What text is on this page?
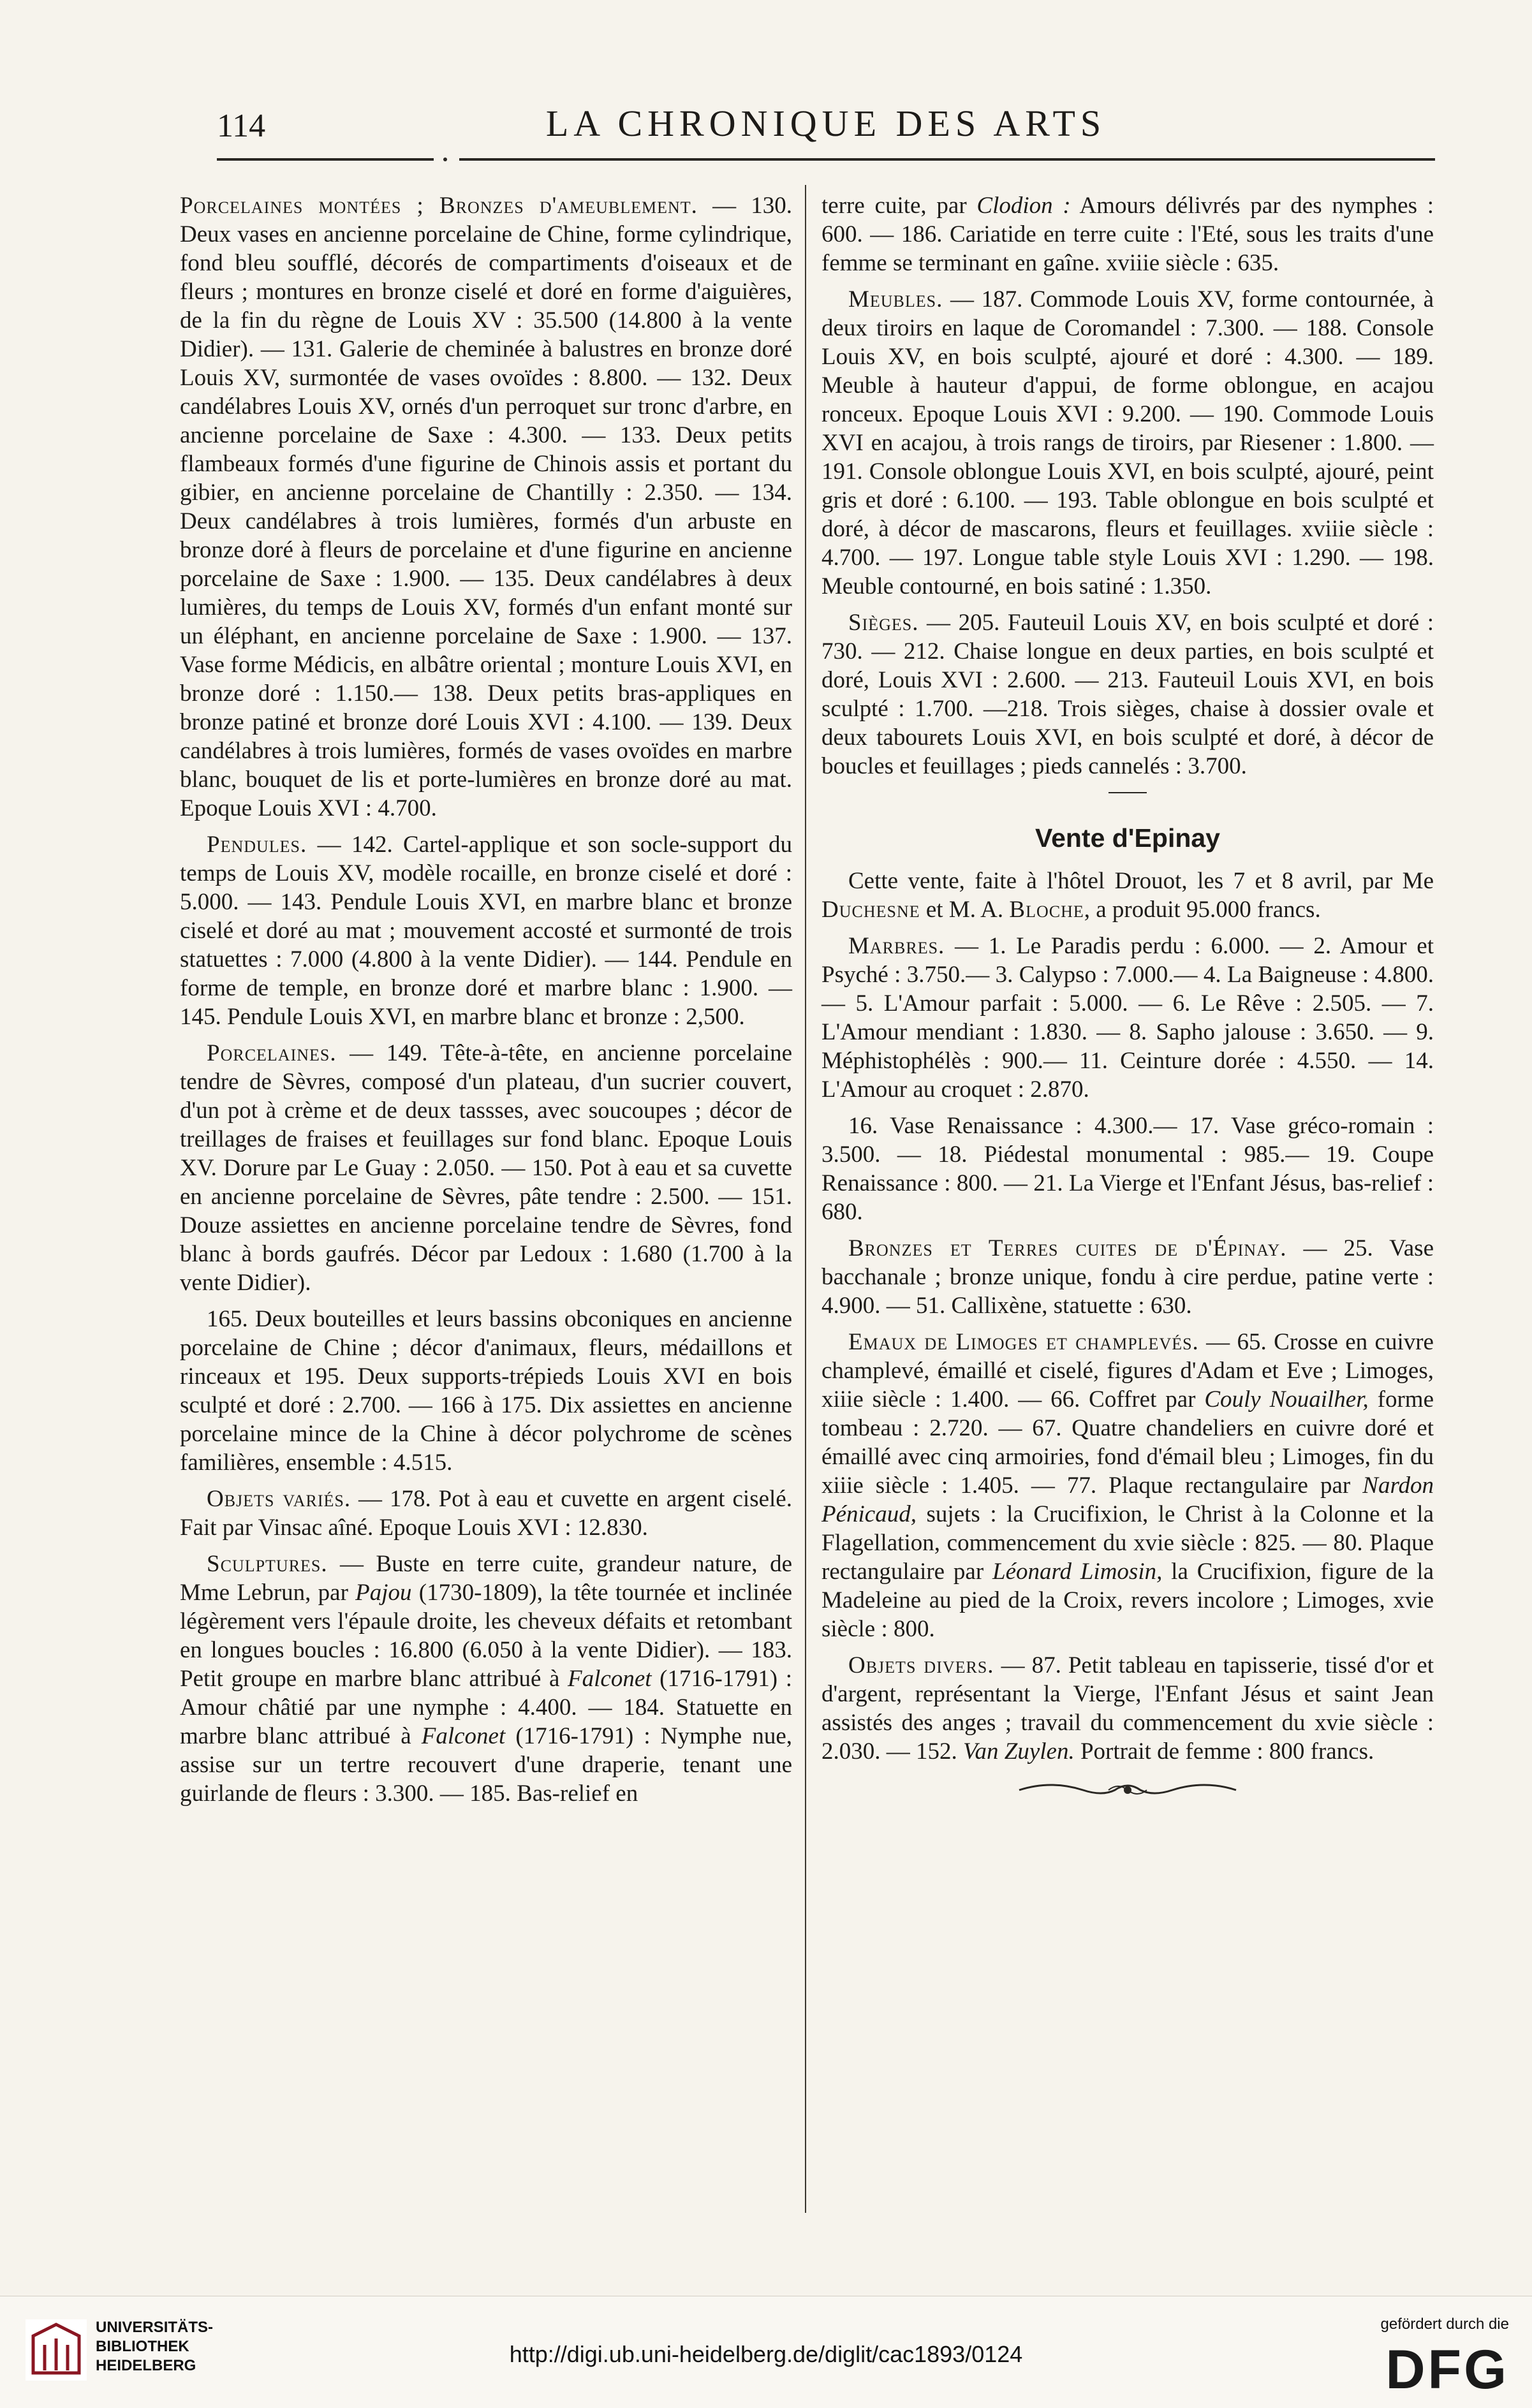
114	LA CHRONIQUE DES ARTS

Porcelaines montées ; Bronzes d'ameublement. — 130. Deux vases en ancienne porcelaine de Chine, forme cylindrique, fond bleu soufflé, décorés de compartiments d'oiseaux et de fleurs ; montures en bronze ciselé et doré en forme d'aiguières, de la fin du règne de Louis XV : 35.500 (14.800 à la vente Didier). — 131. Galerie de cheminée à balustres en bronze doré Louis XV, surmontée de vases ovoïdes : 8.800. — 132. Deux candélabres Louis XV, ornés d'un perroquet sur tronc d'arbre, en ancienne porcelaine de Saxe : 4.300. — 133. Deux petits flambeaux formés d'une figurine de Chinois assis et portant du gibier, en ancienne porcelaine de Chantilly : 2.350. — 134. Deux candélabres à trois lumières, formés d'un arbuste en bronze doré à fleurs de porcelaine et d'une figurine en ancienne porcelaine de Saxe : 1.900. — 135. Deux candélabres à deux lumières, du temps de Louis XV, formés d'un enfant monté sur un éléphant, en ancienne porcelaine de Saxe : 1.900. — 137. Vase forme Médicis, en albâtre oriental ; monture Louis XVI, en bronze doré : 1.150.— 138. Deux petits bras-appliques en bronze patiné et bronze doré Louis XVI : 4.100. — 139. Deux candélabres à trois lumières, formés de vases ovoïdes en marbre blanc, bouquet de lis et porte-lumières en bronze doré au mat. Epoque Louis XVI : 4.700.

Pendules. — 142. Cartel-applique et son socle-support du temps de Louis XV, modèle rocaille, en bronze ciselé et doré : 5.000. — 143. Pendule Louis XVI, en marbre blanc et bronze ciselé et doré au mat ; mouvement accosté et surmonté de trois statuettes : 7.000 (4.800 à la vente Didier). — 144. Pendule en forme de temple, en bronze doré et marbre blanc : 1.900. — 145. Pendule Louis XVI, en marbre blanc et bronze : 2,500.

Porcelaines. — 149. Tête-à-tête, en ancienne porcelaine tendre de Sèvres, composé d'un plateau, d'un sucrier couvert, d'un pot à crème et de deux tassses, avec soucoupes ; décor de treillages de fraises et feuillages sur fond blanc. Epoque Louis XV. Dorure par Le Guay : 2.050. — 150. Pot à eau et sa cuvette en ancienne porcelaine de Sèvres, pâte tendre : 2.500. — 151. Douze assiettes en ancienne porcelaine tendre de Sèvres, fond blanc à bords gaufrés. Décor par Ledoux : 1.680 (1.700 à la vente Didier).

165. Deux bouteilles et leurs bassins obconiques en ancienne porcelaine de Chine ; décor d'animaux, fleurs, médaillons et rinceaux et 195. Deux supports-trépieds Louis XVI en bois sculpté et doré : 2.700. — 166 à 175. Dix assiettes en ancienne porcelaine mince de la Chine à décor polychrome de scènes familières, ensemble : 4.515.

Objets variés. — 178. Pot à eau et cuvette en argent ciselé. Fait par Vinsac aîné. Epoque Louis XVI : 12.830.

Sculptures. — Buste en terre cuite, grandeur nature, de Mme Lebrun, par Pajou (1730-1809), la tête tournée et inclinée légèrement vers l'épaule droite, les cheveux défaits et retombant en longues boucles : 16.800 (6.050 à la vente Didier). — 183. Petit groupe en marbre blanc attribué à Falconet (1716-1791) : Amour châtié par une nymphe : 4.400. — 184. Statuette en marbre blanc attribué à Falconet (1716-1791) : Nymphe nue, assise sur un tertre recouvert d'une draperie, tenant une guirlande de fleurs : 3.300. — 185. Bas-relief en

terre cuite, par Clodion : Amours délivrés par des nymphes : 600. — 186. Cariatide en terre cuite : l'Eté, sous les traits d'une femme se terminant en gaîne. xviiie siècle : 635.

Meubles. — 187. Commode Louis XV, forme contournée, à deux tiroirs en laque de Coromandel : 7.300. — 188. Console Louis XV, en bois sculpté, ajouré et doré : 4.300. — 189. Meuble à hauteur d'appui, de forme oblongue, en acajou ronceux. Epoque Louis XVI : 9.200. — 190. Commode Louis XVI en acajou, à trois rangs de tiroirs, par Riesener : 1.800. — 191. Console oblongue Louis XVI, en bois sculpté, ajouré, peint gris et doré : 6.100. — 193. Table oblongue en bois sculpté et doré, à décor de mascarons, fleurs et feuillages. xviiie siècle : 4.700. — 197. Longue table style Louis XVI : 1.290. — 198. Meuble contourné, en bois satiné : 1.350.

Sièges. — 205. Fauteuil Louis XV, en bois sculpté et doré : 730. — 212. Chaise longue en deux parties, en bois sculpté et doré, Louis XVI : 2.600. — 213. Fauteuil Louis XVI, en bois sculpté : 1.700. —218. Trois sièges, chaise à dossier ovale et deux tabourets Louis XVI, en bois sculpté et doré, à décor de boucles et feuillages ; pieds cannelés : 3.700.

Vente d'Epinay

Cette vente, faite à l'hôtel Drouot, les 7 et 8 avril, par Me Duchesne et M. A. Bloche, a produit 95.000 francs.

Marbres. — 1. Le Paradis perdu : 6.000. — 2. Amour et Psyché : 3.750.— 3. Calypso : 7.000.— 4. La Baigneuse : 4.800. — 5. L'Amour parfait : 5.000. — 6. Le Rêve : 2.505. — 7. L'Amour mendiant : 1.830. — 8. Sapho jalouse : 3.650. — 9. Méphistophélès : 900.— 11. Ceinture dorée : 4.550. — 14. L'Amour au croquet : 2.870.

16. Vase Renaissance : 4.300.— 17. Vase gréco-romain : 3.500. — 18. Piédestal monumental : 985.— 19. Coupe Renaissance : 800. — 21. La Vierge et l'Enfant Jésus, bas-relief : 680.

Bronzes et Terres cuites de d'Épinay. — 25. Vase bacchanale ; bronze unique, fondu à cire perdue, patine verte : 4.900. — 51. Callixène, statuette : 630.

Emaux de Limoges et champlevés. — 65. Crosse en cuivre champlevé, émaillé et ciselé, figures d'Adam et Eve ; Limoges, xiiie siècle : 1.400. — 66. Coffret par Couly Nouailher, forme tombeau : 2.720. — 67. Quatre chandeliers en cuivre doré et émaillé avec cinq armoiries, fond d'émail bleu ; Limoges, fin du xiiie siècle : 1.405. — 77. Plaque rectangulaire par Nardon Pénicaud, sujets : la Crucifixion, le Christ à la Colonne et la Flagellation, commencement du xvie siècle : 825. — 80. Plaque rectangulaire par Léonard Limosin, la Crucifixion, figure de la Madeleine au pied de la Croix, revers incolore ; Limoges, xvie siècle : 800.

Objets divers. — 87. Petit tableau en tapisserie, tissé d'or et d'argent, représentant la Vierge, l'Enfant Jésus et saint Jean assistés des anges ; travail du commencement du xvie siècle : 2.030. — 152. Van Zuylen. Portrait de femme : 800 francs.

UNIVERSITÄTS-
BIBLIOTHEK
HEIDELBERG	http://digi.ub.uni-heidelberg.de/diglit/cac1893/0124
gefördert durch die
DFG
